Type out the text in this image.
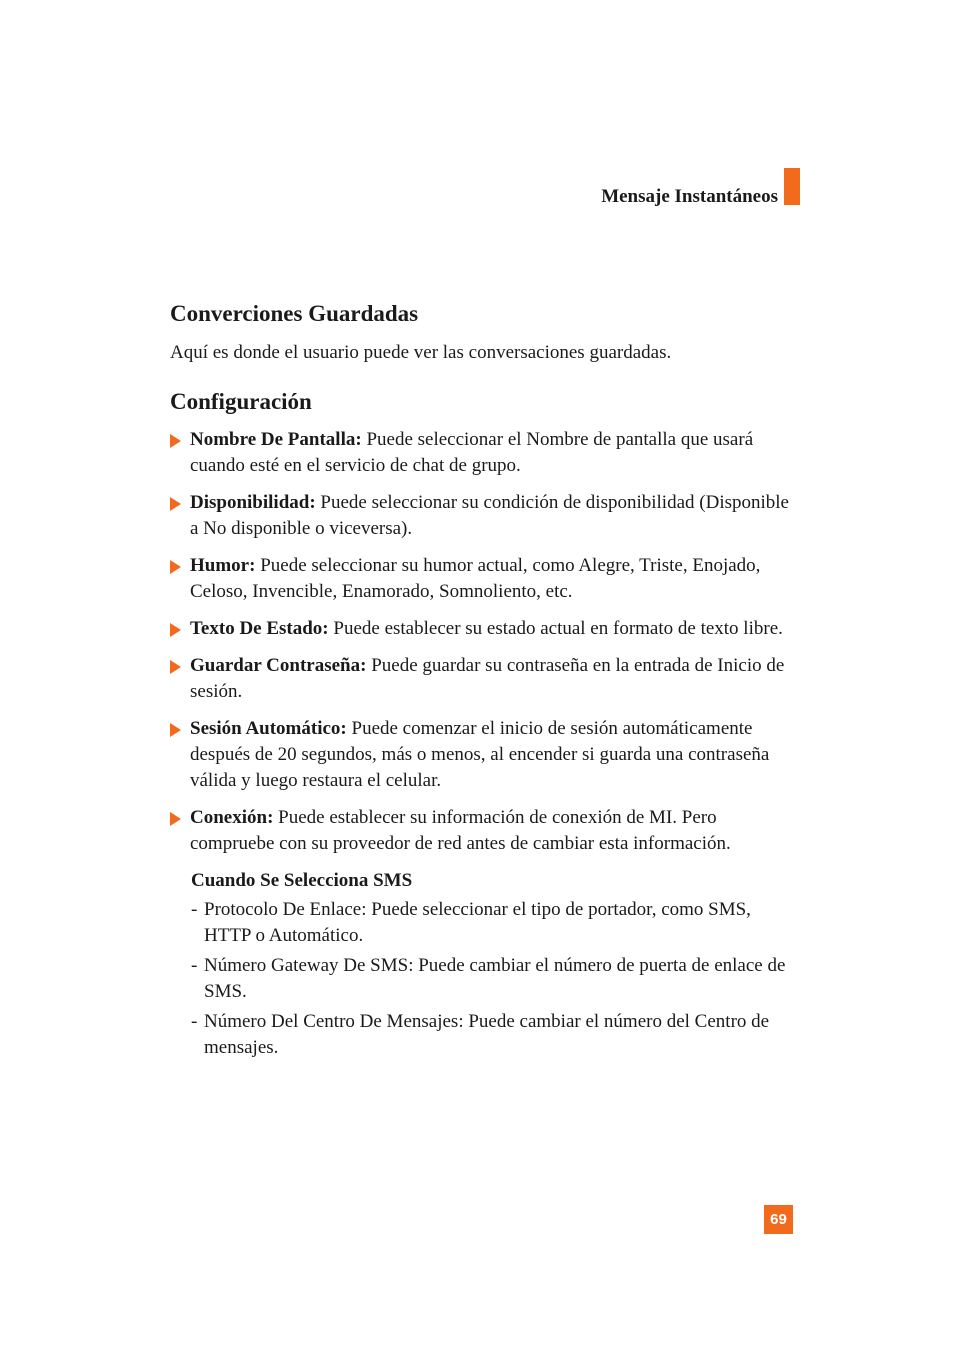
Mensaje Instantáneos
Converciones Guardadas

Aquí es donde el usuario puede ver las conversaciones guardadas.

Configuración
Nombre De Pantalla: Puede seleccionar el Nombre de pantalla que usará cuando esté en el servicio de chat de grupo.
Disponibilidad: Puede seleccionar su condición de disponibilidad (Disponible a No disponible o viceversa).
Humor: Puede seleccionar su humor actual, como Alegre, Triste, Enojado, Celoso, Invencible, Enamorado, Somnoliento, etc.
Texto De Estado: Puede establecer su estado actual en formato de texto libre.
Guardar Contraseña: Puede guardar su contraseña en la entrada de Inicio de sesión.
Sesión Automático: Puede comenzar el inicio de sesión automáticamente después de 20 segundos, más o menos, al encender si guarda una contraseña válida y luego restaura el celular.
Conexión: Puede establecer su información de conexión de MI. Pero compruebe con su proveedor de red antes de cambiar esta información.
Cuando Se Selecciona SMS
- Protocolo De Enlace: Puede seleccionar el tipo de portador, como SMS, HTTP o Automático.
- Número Gateway De SMS: Puede cambiar el número de puerta de enlace de SMS.
- Número Del Centro De Mensajes: Puede cambiar el número del Centro de mensajes.
69
